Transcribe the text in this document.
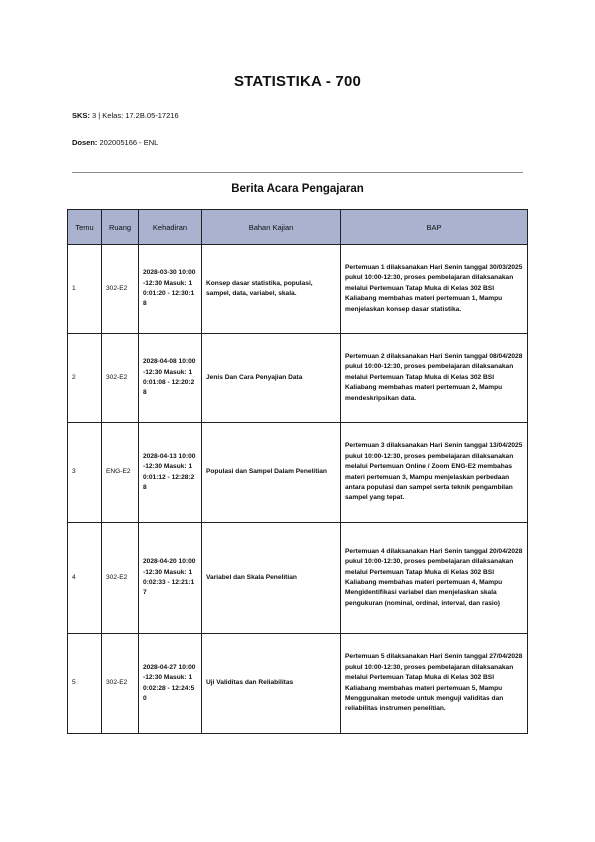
STATISTIKA - 700
SKS: 3 | Kelas: 17.2B.05-17216
Dosen: 202005166 - ENL
Berita Acara Pengajaran
Temu	Ruang	Kehadiran	Bahan Kajian	BAP
1	302-E2	2028-03-30 10:00-12:30 Masuk: 10:01:20 - 12:30:18	Konsep dasar statistika, populasi, sampel, data, variabel, skala.	Pertemuan 1 dilaksanakan Hari Senin tanggal 30/03/2025 pukul 10:00-12:30, proses pembelajaran dilaksanakan melalui Pertemuan Tatap Muka di Kelas 302 BSI Kaliabang membahas materi pertemuan 1, Mampu menjelaskan konsep dasar statistika.
2	302-E2	2028-04-08 10:00-12:30 Masuk: 10:01:08 - 12:20:28	Jenis Dan Cara Penyajian Data	Pertemuan 2 dilaksanakan Hari Senin tanggal 08/04/2028 pukul 10:00-12:30, proses pembelajaran dilaksanakan melalui Pertemuan Tatap Muka di Kelas 302 BSI Kaliabang membahas materi pertemuan 2, Mampu mendeskripsikan data.
3	ENG-E2	2028-04-13 10:00-12:30 Masuk: 10:01:12 - 12:28:28	Populasi dan Sampel Dalam Penelitian	Pertemuan 3 dilaksanakan Hari Senin tanggal 13/04/2025 pukul 10:00-12:30, proses pembelajaran dilaksanakan melalui Pertemuan Online / Zoom ENG-E2 membahas materi pertemuan 3, Mampu menjelaskan perbedaan antara populasi dan sampel serta teknik pengambilan sampel yang tepat.
4	302-E2	2028-04-20 10:00-12:30 Masuk: 10:02:33 - 12:21:17	Variabel dan Skala Penelitian	Pertemuan 4 dilaksanakan Hari Senin tanggal 20/04/2028 pukul 10:00-12:30, proses pembelajaran dilaksanakan melalui Pertemuan Tatap Muka di Kelas 302 BSI Kaliabang membahas materi pertemuan 4, Mampu Mengidentifikasi variabel dan menjelaskan skala pengukuran (nominal, ordinal, interval, dan rasio)
5	302-E2	2028-04-27 10:00-12:30 Masuk: 10:02:28 - 12:24:50	Uji Validitas dan Reliabilitas	Pertemuan 5 dilaksanakan Hari Senin tanggal 27/04/2028 pukul 10:00-12:30, proses pembelajaran dilaksanakan melalui Pertemuan Tatap Muka di Kelas 302 BSI Kaliabang membahas materi pertemuan 5, Mampu Menggunakan metode untuk menguji validitas dan reliabilitas instrumen penelitian.
